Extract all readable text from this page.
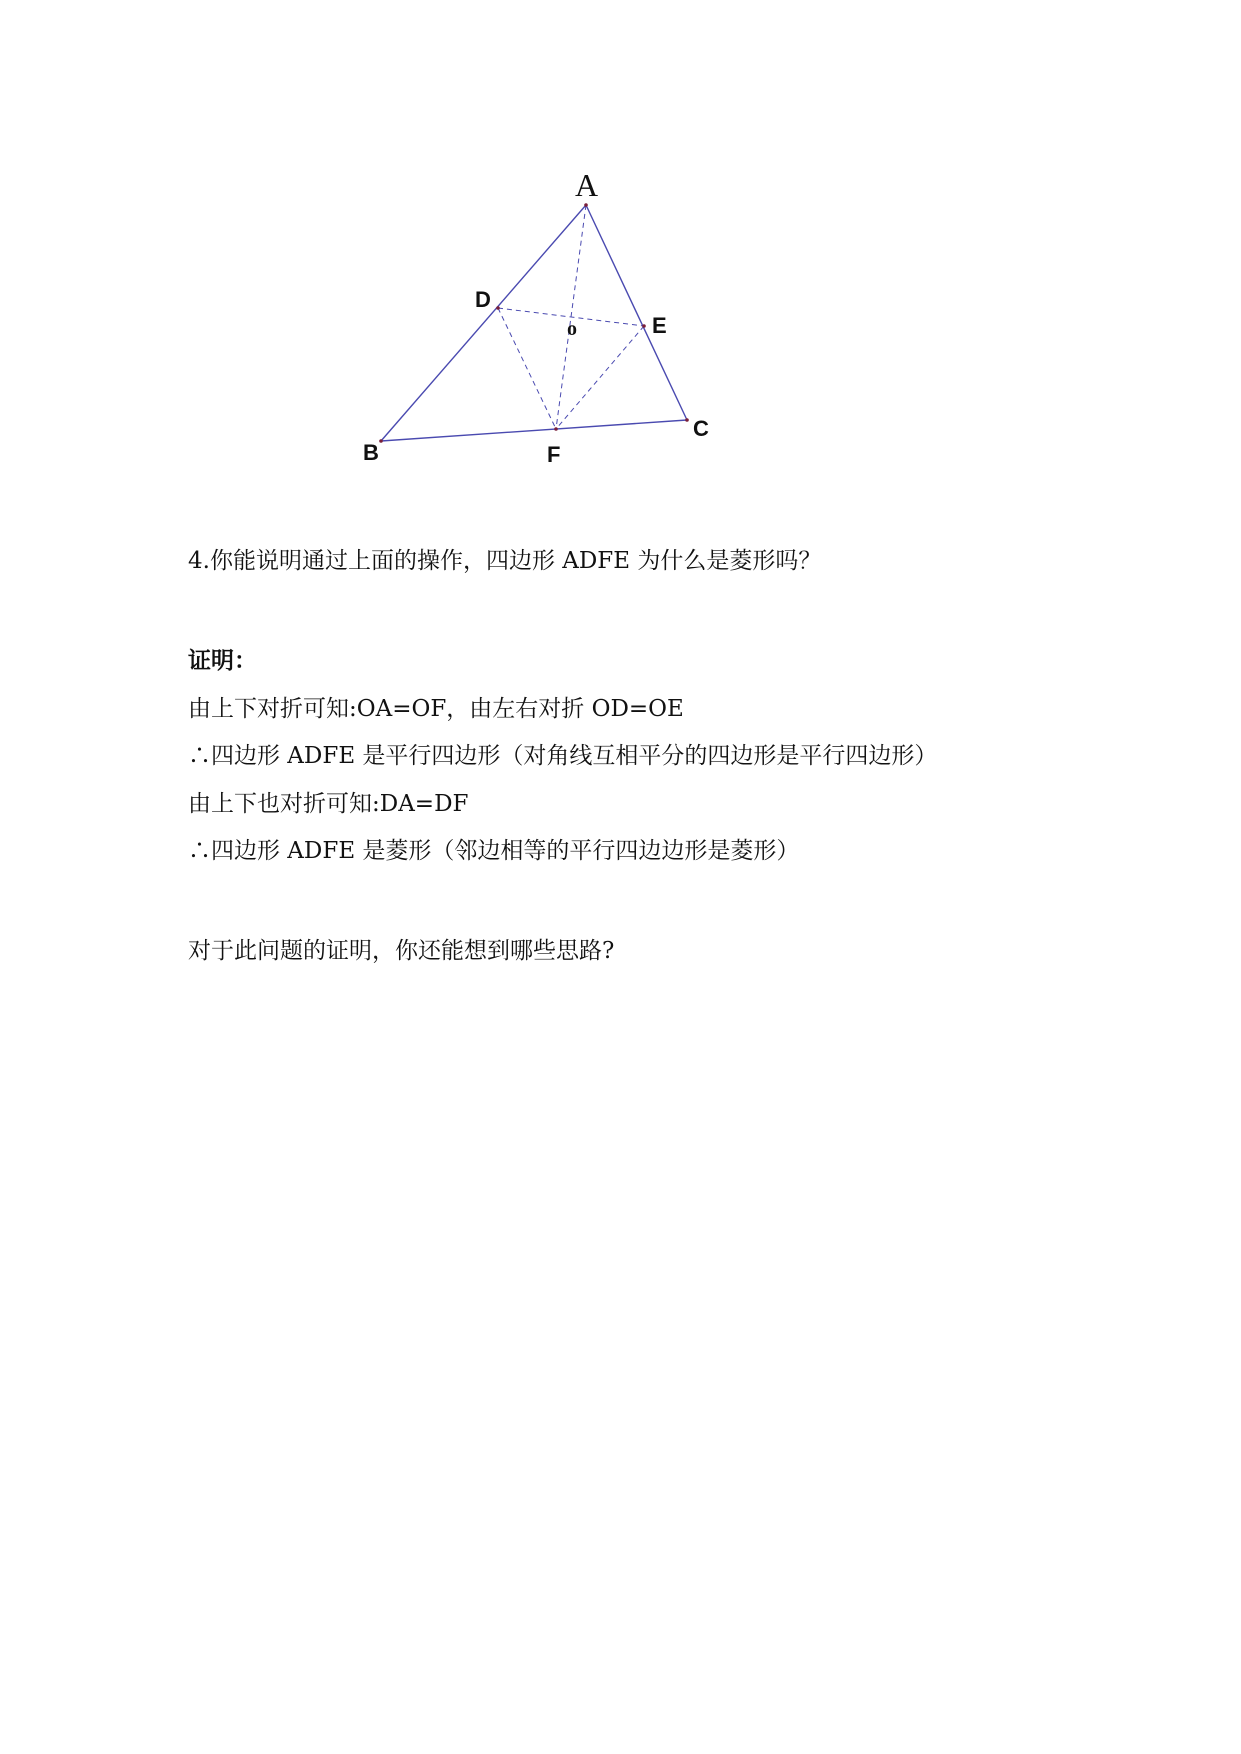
A
B
C
D
E
F
o
4.你能说明通过上面的操作，四边形 ADFE 为什么是菱形吗？
证明：
由上下对折可知:OA=OF，由左右对折 OD=OE
∴四边形 ADFE 是平行四边形（对角线互相平分的四边形是平行四边形）
由上下也对折可知:DA=DF
∴四边形 ADFE 是菱形（邻边相等的平行四边边形是菱形）
对于此问题的证明，你还能想到哪些思路?
